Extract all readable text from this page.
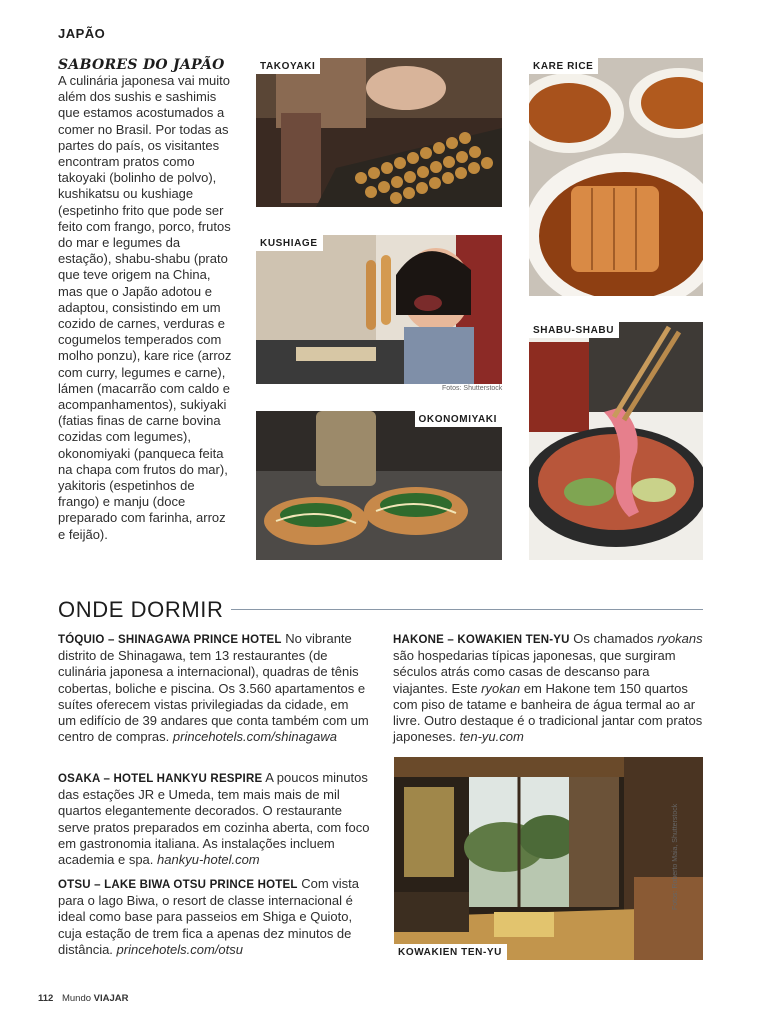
JAPÃO
SABORES DO JAPÃO

A culinária japonesa vai muito além dos sushis e sashimis que estamos acostumados a comer no Brasil. Por todas as partes do país, os visitantes encontram pratos como takoyaki (bolinho de polvo), kushikatsu ou kushiage (espetinho frito que pode ser feito com frango, porco, frutos do mar e legumes da estação), shabu-shabu (prato que teve origem na China, mas que o Japão adotou e adaptou, consistindo em um cozido de carnes, verduras e cogumelos temperados com molho ponzu), kare rice (arroz com curry, legumes e carne), lámen (macarrão com caldo e acompanhamentos), sukiyaki (fatias finas de carne bovina cozidas com legumes), okonomiyaki (panqueca feita na chapa com frutos do mar), yakitoris (espetinhos de frango) e manju (doce preparado com farinha, arroz e feijão).

TAKOYAKI	KARE RICE
KUSHIAGE
Fotos: Shutterstock
SHABU-SHABU
OKONOMIYAKI
ONDE DORMIR

TÓQUIO – SHINAGAWA PRINCE HOTEL No vibrante distrito de Shinagawa, tem 13 restaurantes (de culinária japonesa a internacional), quadras de tênis cobertas, boliche e piscina. Os 3.560 apartamentos e suítes oferecem vistas privilegiadas da cidade, em um edifício de 39 andares que conta também com um centro de compras. princehotels.com/shinagawa

OSAKA – HOTEL HANKYU RESPIRE A poucos minutos das estações JR e Umeda, tem mais mais de mil quartos elegantemente decorados. O restaurante serve pratos preparados em cozinha aberta, com foco em gastronomia italiana. As instalações incluem academia e spa. hankyu-hotel.com

OTSU – LAKE BIWA OTSU PRINCE HOTEL Com vista para o lago Biwa, o resort de classe internacional é ideal como base para passeios em Shiga e Quioto, cuja estação de trem fica a apenas dez minutos de distância. princehotels.com/otsu

HAKONE – KOWAKIEN TEN-YU Os chamados ryokans são hospedarias típicas japonesas, que surgiram séculos atrás como casas de descanso para viajantes. Este ryokan em Hakone tem 150 quartos com piso de tatame e banheira de água termal ao ar livre. Outro destaque é o tradicional jantar com pratos japoneses. ten-yu.com

KOWAKIEN TEN-YU
Fotos: Roberto Maia, Shutterstock
112 Mundo VIAJAR
